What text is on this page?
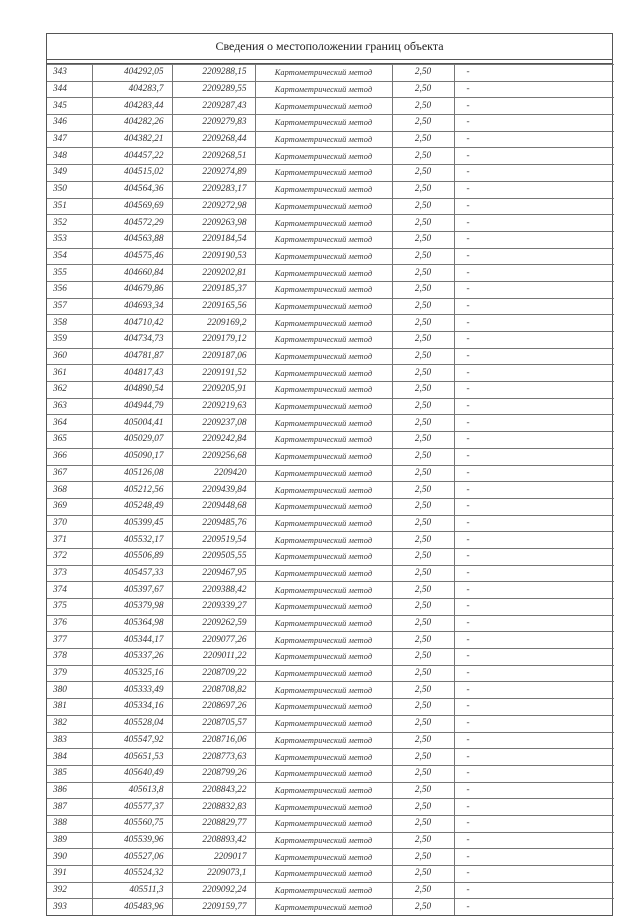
Сведения о местоположении границ объекта
343	404292,05	2209288,15	Картометрический метод	2,50	-
344	404283,7	2209289,55	Картометрический метод	2,50	-
345	404283,44	2209287,43	Картометрический метод	2,50	-
346	404282,26	2209279,83	Картометрический метод	2,50	-
347	404382,21	2209268,44	Картометрический метод	2,50	-
348	404457,22	2209268,51	Картометрический метод	2,50	-
349	404515,02	2209274,89	Картометрический метод	2,50	-
350	404564,36	2209283,17	Картометрический метод	2,50	-
351	404569,69	2209272,98	Картометрический метод	2,50	-
352	404572,29	2209263,98	Картометрический метод	2,50	-
353	404563,88	2209184,54	Картометрический метод	2,50	-
354	404575,46	2209190,53	Картометрический метод	2,50	-
355	404660,84	2209202,81	Картометрический метод	2,50	-
356	404679,86	2209185,37	Картометрический метод	2,50	-
357	404693,34	2209165,56	Картометрический метод	2,50	-
358	404710,42	2209169,2	Картометрический метод	2,50	-
359	404734,73	2209179,12	Картометрический метод	2,50	-
360	404781,87	2209187,06	Картометрический метод	2,50	-
361	404817,43	2209191,52	Картометрический метод	2,50	-
362	404890,54	2209205,91	Картометрический метод	2,50	-
363	404944,79	2209219,63	Картометрический метод	2,50	-
364	405004,41	2209237,08	Картометрический метод	2,50	-
365	405029,07	2209242,84	Картометрический метод	2,50	-
366	405090,17	2209256,68	Картометрический метод	2,50	-
367	405126,08	2209420	Картометрический метод	2,50	-
368	405212,56	2209439,84	Картометрический метод	2,50	-
369	405248,49	2209448,68	Картометрический метод	2,50	-
370	405399,45	2209485,76	Картометрический метод	2,50	-
371	405532,17	2209519,54	Картометрический метод	2,50	-
372	405506,89	2209505,55	Картометрический метод	2,50	-
373	405457,33	2209467,95	Картометрический метод	2,50	-
374	405397,67	2209388,42	Картометрический метод	2,50	-
375	405379,98	2209339,27	Картометрический метод	2,50	-
376	405364,98	2209262,59	Картометрический метод	2,50	-
377	405344,17	2209077,26	Картометрический метод	2,50	-
378	405337,26	2209011,22	Картометрический метод	2,50	-
379	405325,16	2208709,22	Картометрический метод	2,50	-
380	405333,49	2208708,82	Картометрический метод	2,50	-
381	405334,16	2208697,26	Картометрический метод	2,50	-
382	405528,04	2208705,57	Картометрический метод	2,50	-
383	405547,92	2208716,06	Картометрический метод	2,50	-
384	405651,53	2208773,63	Картометрический метод	2,50	-
385	405640,49	2208799,26	Картометрический метод	2,50	-
386	405613,8	2208843,22	Картометрический метод	2,50	-
387	405577,37	2208832,83	Картометрический метод	2,50	-
388	405560,75	2208829,77	Картометрический метод	2,50	-
389	405539,96	2208893,42	Картометрический метод	2,50	-
390	405527,06	2209017	Картометрический метод	2,50	-
391	405524,32	2209073,1	Картометрический метод	2,50	-
392	405511,3	2209092,24	Картометрический метод	2,50	-
393	405483,96	2209159,77	Картометрический метод	2,50	-
